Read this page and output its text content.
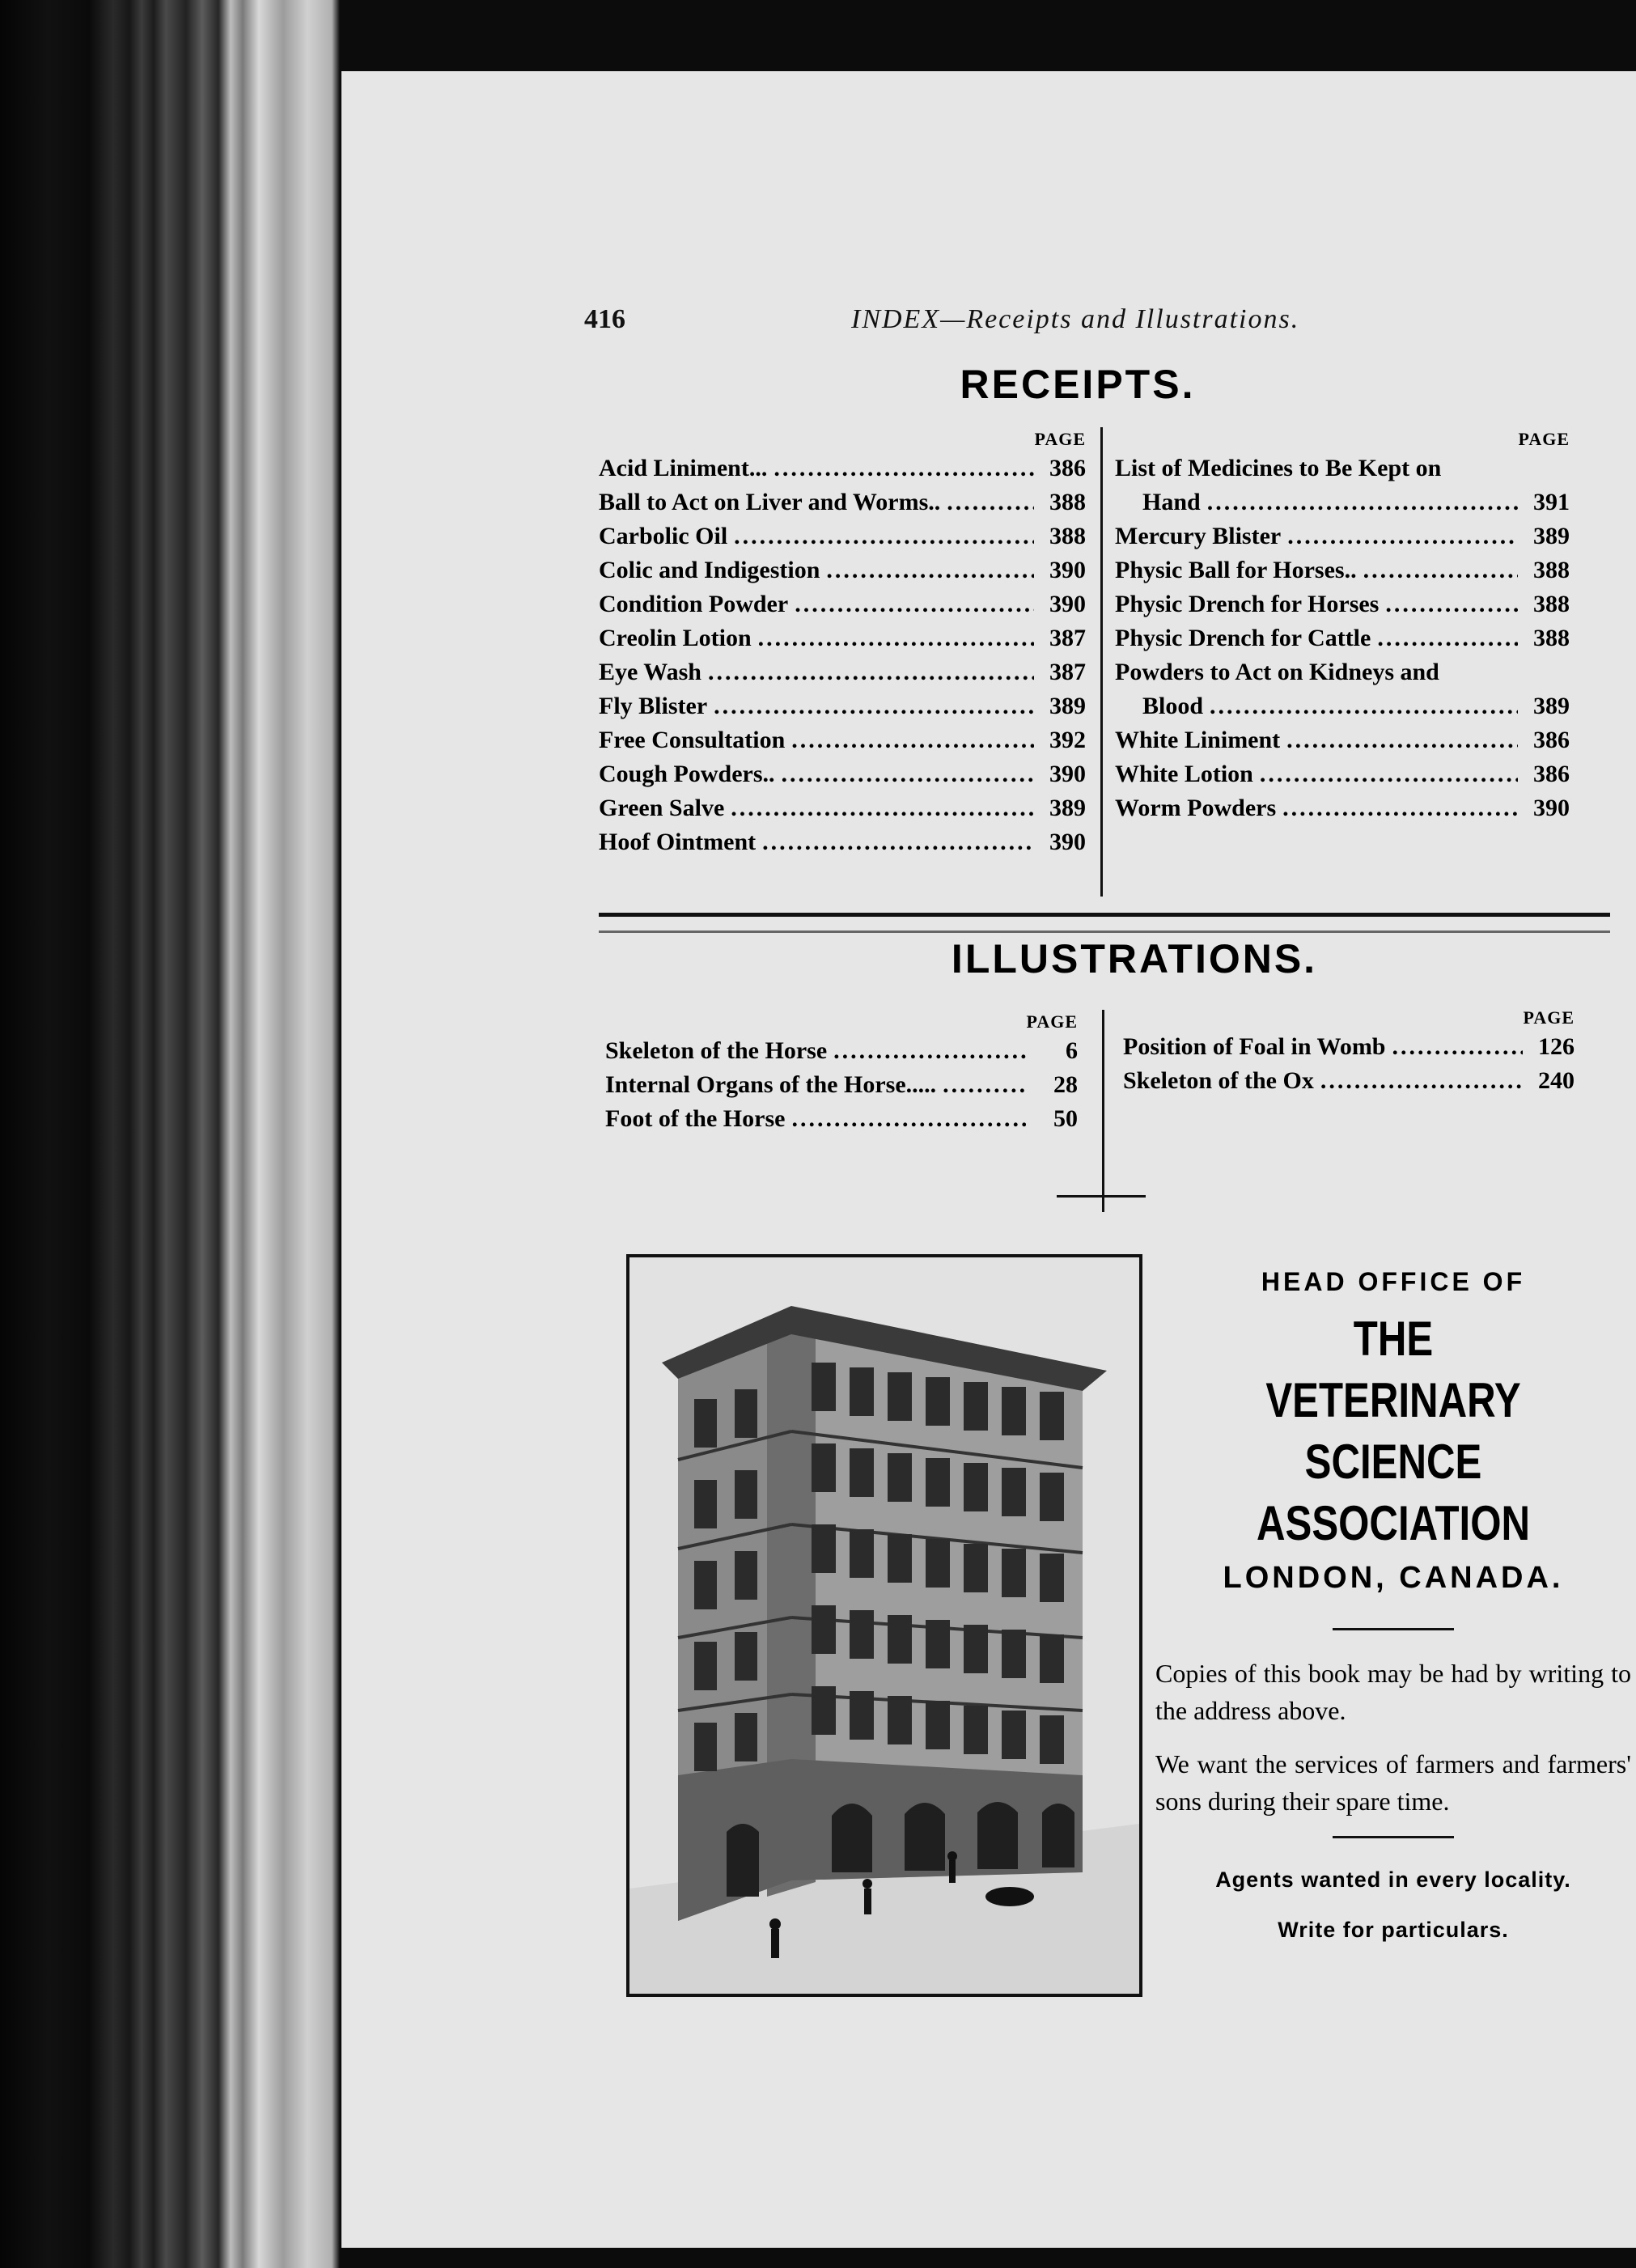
416	INDEX—Receipts and Illustrations.
RECEIPTS.
PAGE
Acid Liniment... .....	386
Ball to Act on Liver and Worms.. .....	388
Carbolic Oil .....	388
Colic and Indigestion .....	390
Condition Powder .....	390
Creolin Lotion .....	387
Eye Wash .....	387
Fly Blister .....	389
Free Consultation .....	392
Cough Powders.. .....	390
Green Salve .....	389
Hoof Ointment .....	390
PAGE
List of Medicines to Be Kept on
Hand .....	391
Mercury Blister .....	389
Physic Ball for Horses.. .....	388
Physic Drench for Horses .....	388
Physic Drench for Cattle .....	388
Powders to Act on Kidneys and
Blood .....	389
White Liniment .....	386
White Lotion .....	386
Worm Powders .....	390
ILLUSTRATIONS.
PAGE
Skeleton of the Horse .....	6
Internal Organs of the Horse..... .....	28
Foot of the Horse .....	50
PAGE
Position of Foal in Womb .....	126
Skeleton of the Ox .....	240
HEAD OFFICE OF
THE
VETERINARY SCIENCE
ASSOCIATION
LONDON, CANADA.
Copies of this book may be had by writing to the address above.
We want the services of farmers and farmers' sons during their spare time.
Agents wanted in every locality.
Write for particulars.
